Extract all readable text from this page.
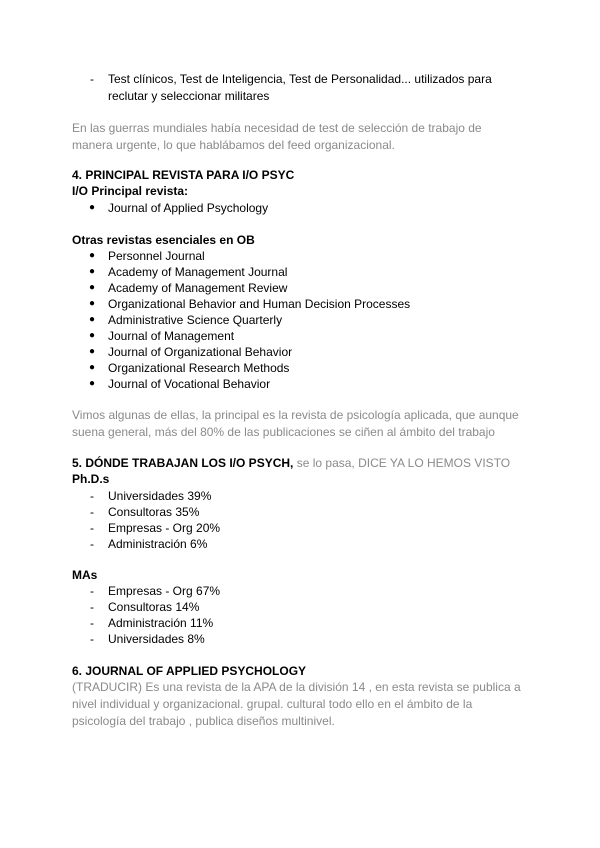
- Test clínicos, Test de Inteligencia, Test de Personalidad... utilizados para
reclutar y seleccionar militares
En las guerras mundiales había necesidad de test de selección de trabajo de
manera urgente, lo que hablábamos del feed organizacional.
4. PRINCIPAL REVISTA PARA I/O PSYC
I/O Principal revista:
● Journal of Applied Psychology
Otras revistas esenciales en OB
● Personnel Journal
● Academy of Management Journal
● Academy of Management Review
● Organizational Behavior and Human Decision Processes
● Administrative Science Quarterly
● Journal of Management
● Journal of Organizational Behavior
● Organizational Research Methods
● Journal of Vocational Behavior
Vimos algunas de ellas, la principal es la revista de psicología aplicada, que aunque
suena general, más del 80% de las publicaciones se ciñen al ámbito del trabajo
5. DÓNDE TRABAJAN LOS I/O PSYCH, se lo pasa, DICE YA LO HEMOS VISTO
Ph.D.s
- Universidades 39%
- Consultoras 35%
- Empresas - Org 20%
- Administración 6%
MAs
- Empresas - Org 67%
- Consultoras 14%
- Administración 11%
- Universidades 8%
6. JOURNAL OF APPLIED PSYCHOLOGY
(TRADUCIR) Es una revista de la APA de la división 14 , en esta revista se publica a
nivel individual y organizacional. grupal. cultural todo ello en el ámbito de la
psicología del trabajo , publica diseños multinivel.
